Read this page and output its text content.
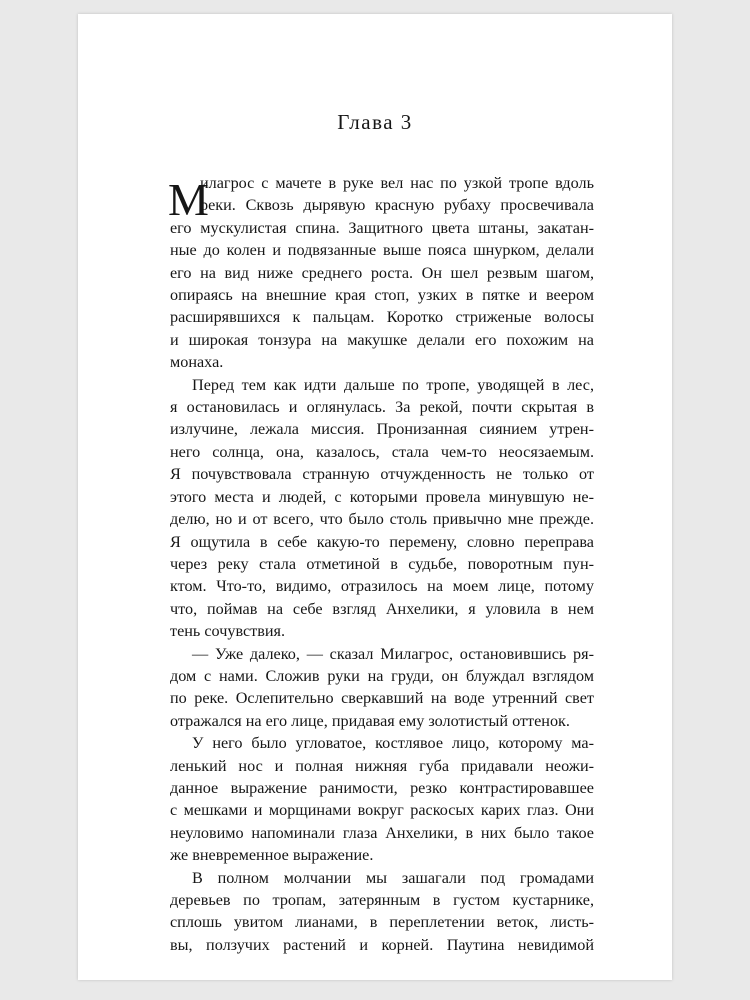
Глава 3
М
илагрос с мачете в руке вел нас по узкой тропе вдоль
реки. Сквозь дырявую красную рубаху просвечивала
его мускулистая спина. Защитного цвета штаны, закатан-
ные до колен и подвязанные выше пояса шнурком, делали
его на вид ниже среднего роста. Он шел резвым шагом,
опираясь на внешние края стоп, узких в пятке и веером
расширявшихся к пальцам. Коротко стриженые волосы
и широкая тонзура на макушке делали его похожим на
монаха.
Перед тем как идти дальше по тропе, уводящей в лес,
я остановилась и оглянулась. За рекой, почти скрытая в
излучине, лежала миссия. Пронизанная сиянием утрен-
него солнца, она, казалось, стала чем-то неосязаемым.
Я почувствовала странную отчужденность не только от
этого места и людей, с которыми провела минувшую не-
делю, но и от всего, что было столь привычно мне прежде.
Я ощутила в себе какую-то перемену, словно переправа
через реку стала отметиной в судьбе, поворотным пун-
ктом. Что-то, видимо, отразилось на моем лице, потому
что, поймав на себе взгляд Анхелики, я уловила в нем
тень сочувствия.
— Уже далеко, — сказал Милагрос, остановившись ря-
дом с нами. Сложив руки на груди, он блуждал взглядом
по реке. Ослепительно сверкавший на воде утренний свет
отражался на его лице, придавая ему золотистый оттенок.
У него было угловатое, костлявое лицо, которому ма-
ленький нос и полная нижняя губа придавали неожи-
данное выражение ранимости, резко контрастировавшее
с мешками и морщинами вокруг раскосых карих глаз. Они
неуловимо напоминали глаза Анхелики, в них было такое
же вневременное выражение.
В полном молчании мы зашагали под громадами
деревьев по тропам, затерянным в густом кустарнике,
сплошь увитом лианами, в переплетении веток, листь-
вы, ползучих растений и корней. Паутина невидимой
